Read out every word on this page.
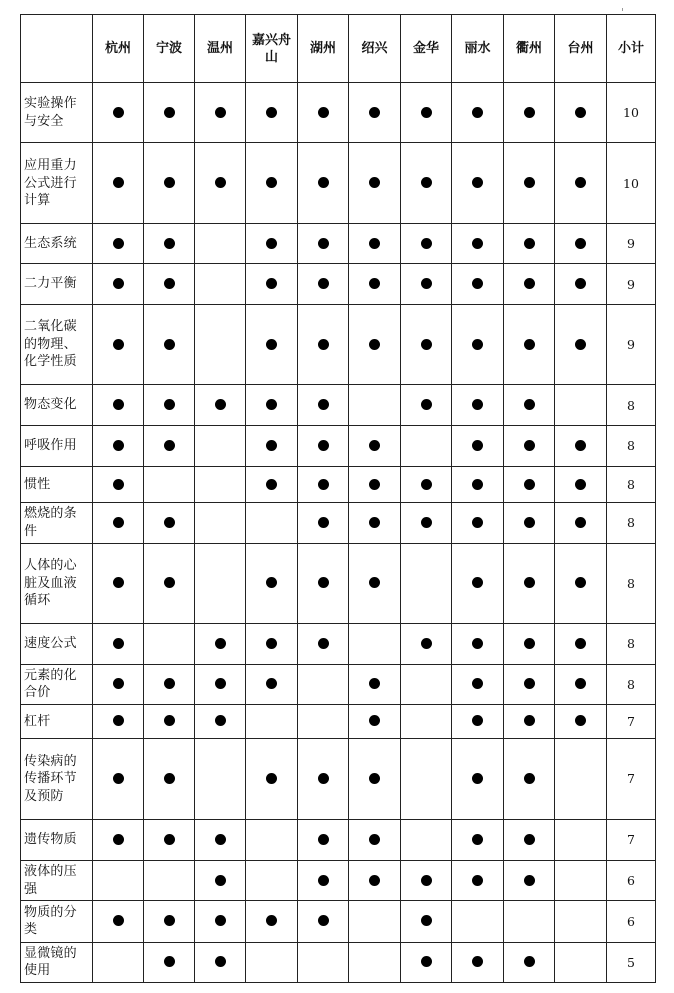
	杭州	宁波	温州	嘉兴舟山	湖州	绍兴	金华	丽水	衢州	台州	小计
实验操作与安全											10
应用重力公式进行计算											10
生态系统											9
二力平衡											9
二氧化碳的物理、化学性质											9
物态变化											8
呼吸作用											8
惯性											8
燃烧的条件											8
人体的心脏及血液循环											8
速度公式											8
元素的化合价											8
杠杆											7
传染病的传播环节及预防											7
遗传物质											7
液体的压强											6
物质的分类											6
显微镜的使用											5
